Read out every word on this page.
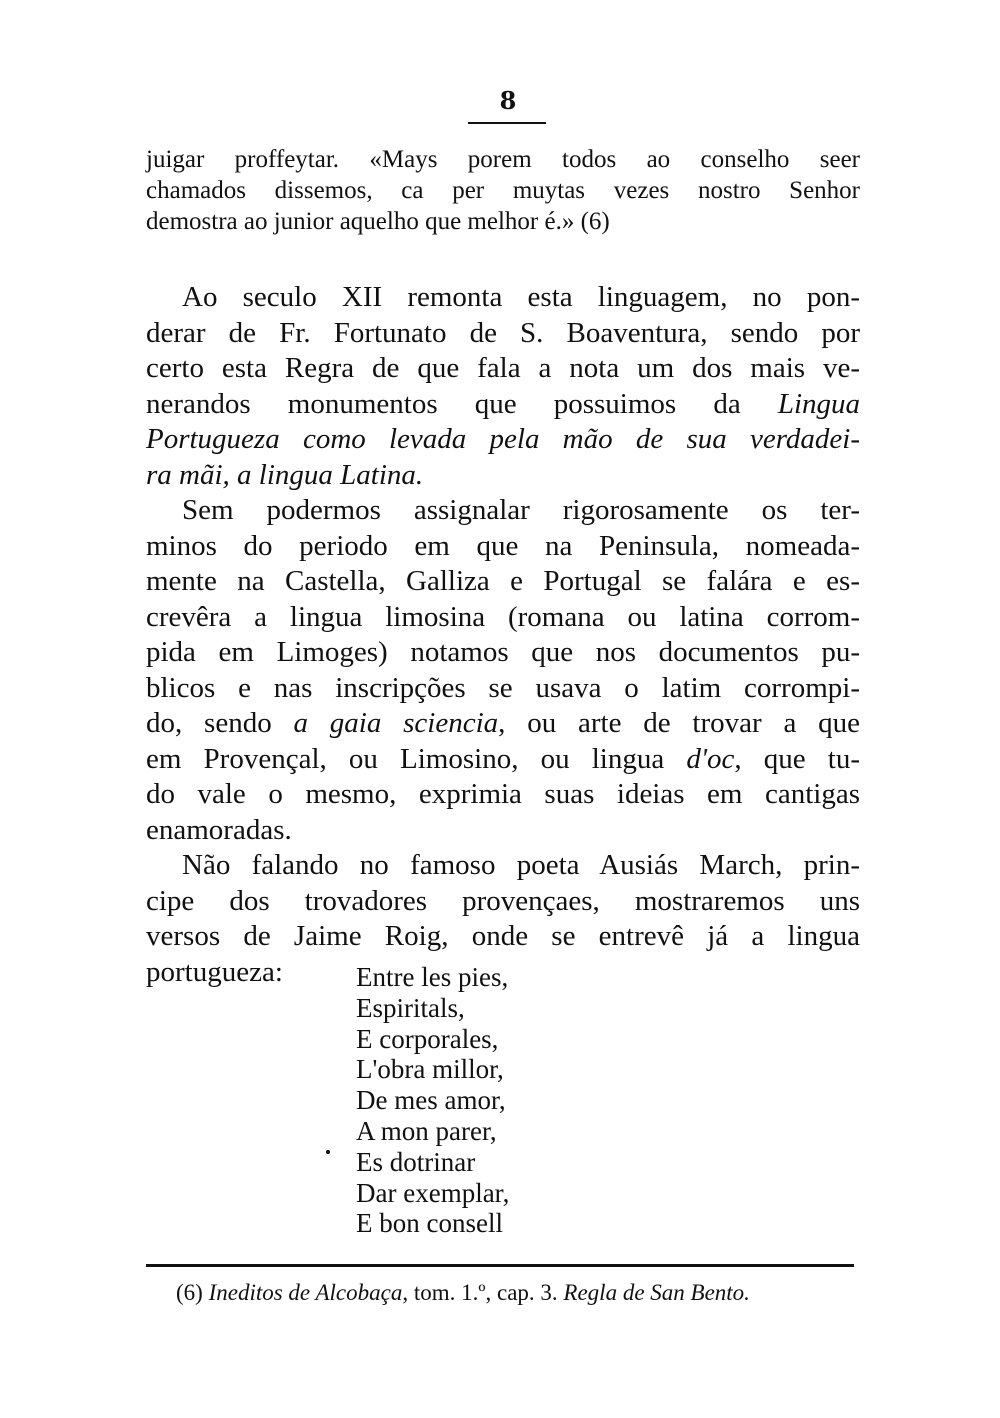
8
juigar proffeytar. «Mays porem todos ao conselho seer
chamados dissemos, ca per muytas vezes nostro Senhor
demostra ao junior aquelho que melhor é.» (6)
Ao seculo XII remonta esta linguagem, no pon-
derar de Fr. Fortunato de S. Boaventura, sendo por
certo esta Regra de que fala a nota um dos mais ve-
nerandos monumentos que possuimos da Lingua
Portugueza como levada pela mão de sua verdadei-
ra mãi, a lingua Latina.
Sem podermos assignalar rigorosamente os ter-
minos do periodo em que na Peninsula, nomeada-
mente na Castella, Galliza e Portugal se falára e es-
crevêra a lingua limosina (romana ou latina corrom-
pida em Limoges) notamos que nos documentos pu-
blicos e nas inscripções se usava o latim corrompi-
do, sendo a gaia sciencia, ou arte de trovar a que
em Provençal, ou Limosino, ou lingua d'oc, que tu-
do vale o mesmo, exprimia suas ideias em cantigas
enamoradas.
Não falando no famoso poeta Ausiás March, prin-
cipe dos trovadores provençaes, mostraremos uns
versos de Jaime Roig, onde se entrevê já a lingua
portugueza:	Entre les pies,
Espiritals,
E corporales,
L'obra millor,
De mes amor,
A mon parer,
Es dotrinar
Dar exemplar,
E bon consell
(6) Ineditos de Alcobaça, tom. 1.º, cap. 3. Regla de San Bento.
